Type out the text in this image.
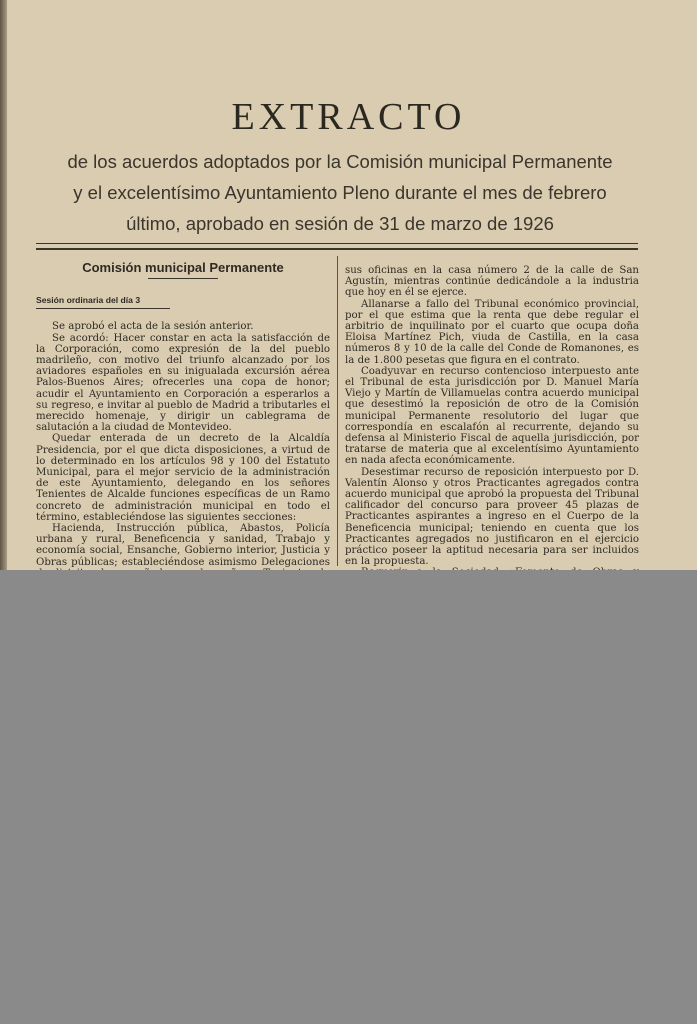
EXTRACTO
de los acuerdos adoptados por la Comisión municipal Permanente
y el excelentísimo Ayuntamiento Pleno durante el mes de febrero
último, aprobado en sesión de 31 de marzo de 1926
Comisión municipal Permanente
Sesión ordinaria del día 3

Se aprobó el acta de la sesión anterior.

Se acordó: Hacer constar en acta la satisfacción de la Corporación, como expresión de la del pueblo madrileño, con motivo del triunfo alcanzado por los aviadores españoles en su inigualada excursión aérea Palos-Buenos Aires; ofrecerles una copa de honor; acudir el Ayuntamiento en Corporación a esperarlos a su regreso, e invitar al pueblo de Madrid a tributarles el merecido homenaje, y dirigir un cablegrama de salutación a la ciudad de Montevideo.

Quedar enterada de un decreto de la Alcaldía Presidencia, por el que dicta disposiciones, a virtud de lo determinado en los artículos 98 y 100 del Estatuto Municipal, para el mejor servicio de la administración de este Ayuntamiento, delegando en los señores Tenientes de Alcalde funciones específicas de un Ramo concreto de administración municipal en todo el término, estableciéndose las siguientes secciones:

Hacienda, Instrucción pública, Abastos, Policía urbana y rural, Beneficencia y sanidad, Trabajo y economía social, Ensanche, Gobierno interior, Justicia y Obras públicas; estableciéndose asimismo Delegaciones

sus oficinas en la casa número 2 de la calle de San Agustín, mientras continúe dedicándole a la industria que hoy en él se ejerce.

Allanarse a fallo del Tribunal económico provincial, por el que estima que la renta que debe regular el arbitrio de inquilinato por el cuarto que ocupa doña Eloisa Martínez Pich, viuda de Castilla, en la casa números 8 y 10 de la calle del Conde de Romanones, es la de 1.800 pesetas que figura en el contrato.

Coadyuvar en recurso contencioso interpuesto ante el Tribunal de esta jurisdicción por D. Manuel María Viejo y Martín de Villamuelas contra acuerdo municipal que desestimó la reposición de otro de la Comisión municipal Permanente resolutorio del lugar que correspondía en escalafón al recurrente, dejando su defensa al Ministerio Fiscal de aquella jurisdicción, por tratarse de materia que al excelentísimo Ayuntamiento en nada afecta económicamente.

Desestimar recurso de reposición interpuesto por D. Valentín Alonso y otros Practicantes agregados contra acuerdo municipal que aprobó la propuesta del Tribunal calificador del concurso para proveer 45 plazas de Practicantes aspirantes a ingreso en el Cuerpo de la Beneficencia municipal; teniendo en cuenta que los Practicantes agregados no justificaron en el ejercicio práctico poseer la aptitud necesaria para ser incluidos en la propuesta.
